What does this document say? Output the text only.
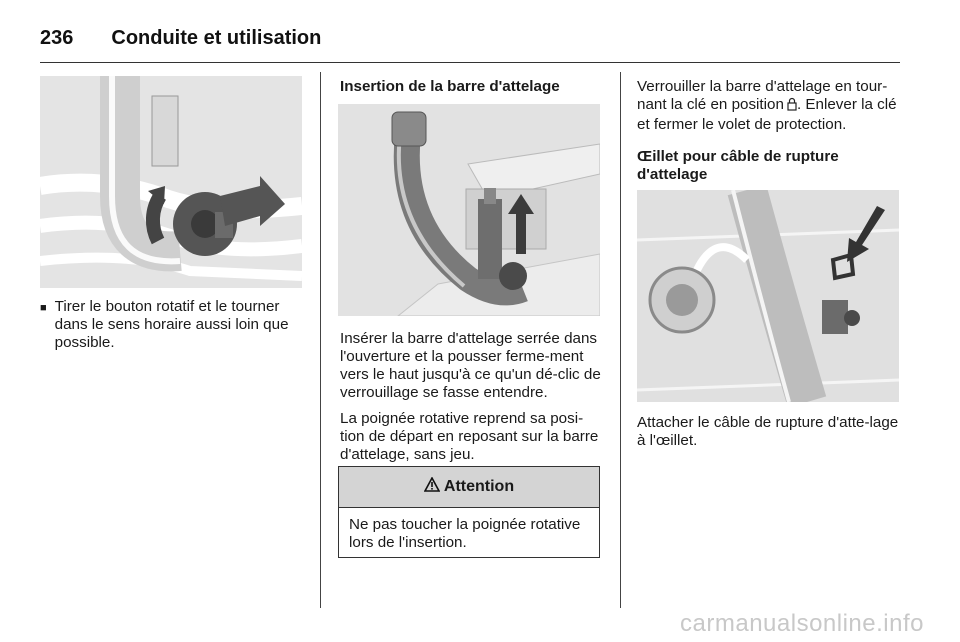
236 Conduite et utilisation
■ Tirer le bouton rotatif et le tourner dans le sens horaire aussi loin que possible.
Insertion de la barre d'attelage

Insérer la barre d'attelage serrée dans l'ouverture et la pousser ferme-ment vers le haut jusqu'à ce qu'un dé-clic de verrouillage se fasse entendre.

La poignée rotative reprend sa posi-tion de départ en reposant sur la barre d'attelage, sans jeu.

Attention
Ne pas toucher la poignée rotative lors de l'insertion.

Verrouiller la barre d'attelage en tour-nant la clé en position  . Enlever la clé et fermer le volet de protection.

Œillet pour câble de rupture d'attelage

Attacher le câble de rupture d'atte-lage à l'œillet.

carmanualsonline.info
